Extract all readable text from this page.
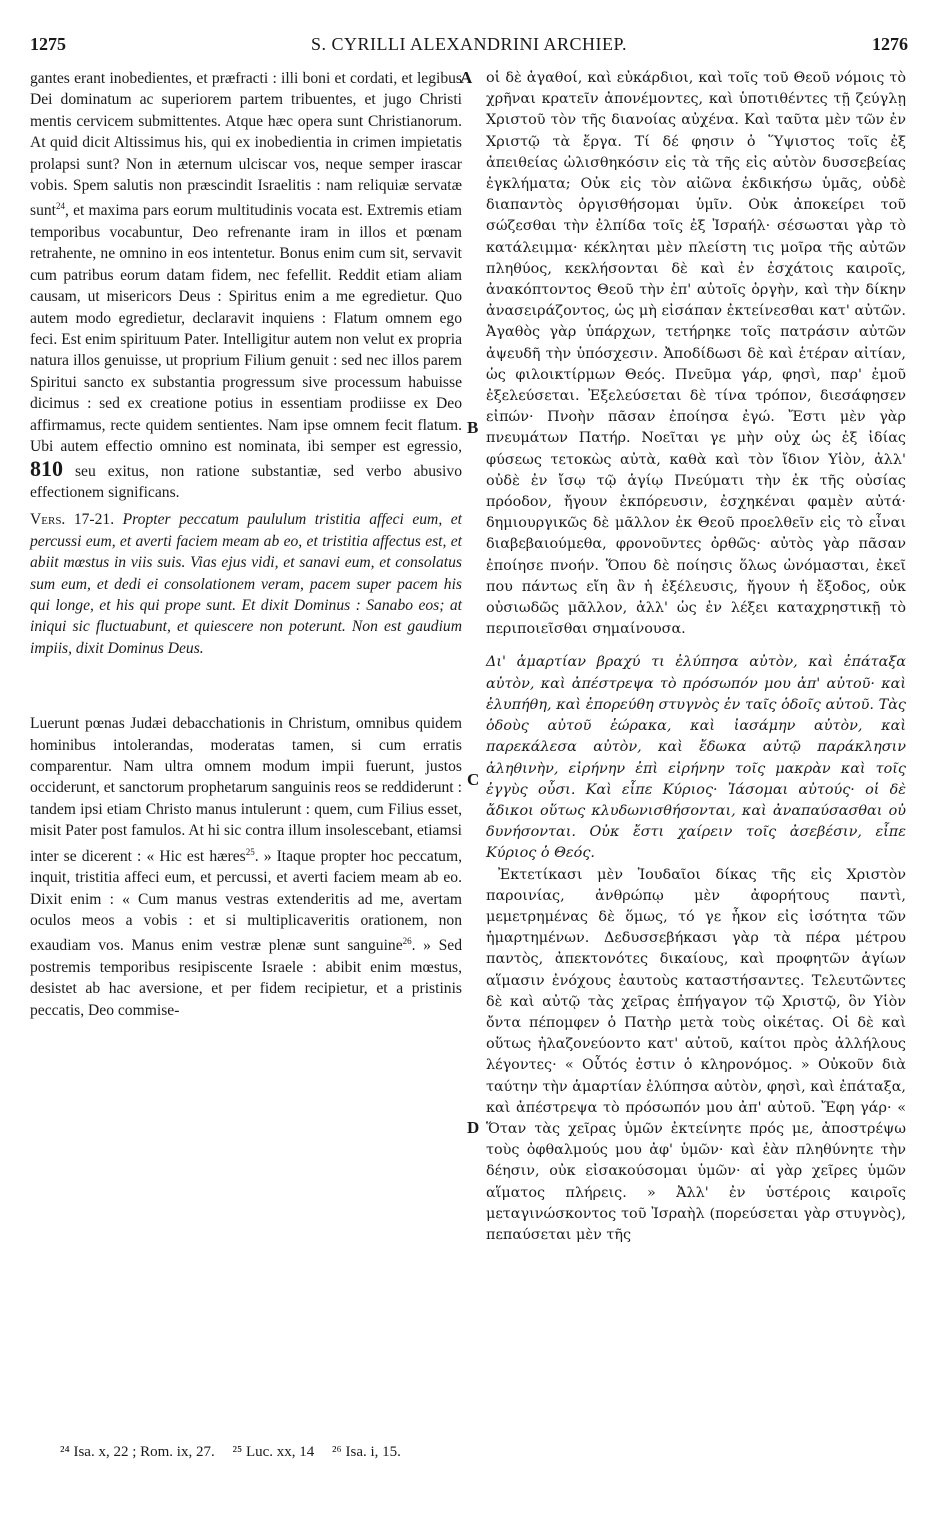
1275	S. CYRILLI ALEXANDRINI ARCHIEP.	1276
A
B
C
D

gantes erant inobedientes, et præfracti : illi boni et cordati, et legibus Dei dominatum ac superiorem partem tribuentes, et jugo Christi mentis cervicem submittentes. Atque hæc opera sunt Christianorum. At quid dicit Altissimus his, qui ex inobedientia in crimen impietatis prolapsi sunt? Non in æternum ulciscar vos, neque semper irascar vobis. Spem salutis non præscindit Israelitis : nam reliquiæ servatæ sunt$^{24}$, et maxima pars eorum multitudinis vocata est. Extremis etiam temporibus vocabuntur, Deo refrenante iram in illos et pœnam retrahente, ne omnino in eos intentetur. Bonus enim cum sit, servavit cum patribus eorum datam fidem, nec fefellit. Reddit etiam aliam causam, ut misericors Deus : Spiritus enim a me egredietur. Quo autem modo egredietur, declaravit inquiens : Flatum omnem ego feci. Est enim spirituum Pater. Intelligitur autem non velut ex propria natura illos genuisse, ut proprium Filium genuit : sed nec illos parem Spiritui sancto ex substantia progressum sive processum habuisse dicimus : sed ex creatione potius in essentiam prodiisse ex Deo affirmamus, recte quidem sentientes. Nam ipse omnem fecit flatum. Ubi autem effectio omnino est nominata, ibi semper est egressio, 810 seu exitus, non ratione substantiæ, sed verbo abusivo effectionem significans.

Vers. 17-21. Propter peccatum paululum tristitia affeci eum, et percussi eum, et averti faciem meam ab eo, et tristitia affectus est, et abiit mœstus in viis suis. Vias ejus vidi, et sanavi eum, et consolatus sum eum, et dedi ei consolationem veram, pacem super pacem his qui longe, et his qui prope sunt. Et dixit Dominus : Sanabo eos; at iniqui sic fluctuabunt, et quiescere non poterunt. Non est gaudium impiis, dixit Dominus Deus.

Luerunt pœnas Judæi debacchationis in Christum, omnibus quidem hominibus intolerandas, moderatas tamen, si cum erratis comparentur. Nam ultra omnem modum impii fuerunt, justos occiderunt, et sanctorum prophetarum sanguinis reos se reddiderunt : tandem ipsi etiam Christo manus intulerunt : quem, cum Filius esset, misit Pater post famulos. At hi sic contra illum insolescebant, etiamsi inter se dicerent : « Hic est hæres$^{25}$. » Itaque propter hoc peccatum, inquit, tristitia affeci eum, et percussi, et averti faciem meam ab eo. Dixit enim : « Cum manus vestras extenderitis ad me, avertam oculos meos a vobis : et si multiplicaveritis orationem, non exaudiam vos. Manus enim vestræ plenæ sunt sanguine$^{26}$. » Sed postremis temporibus resipiscente Israele : abibit enim mœstus, desistet ab hac aversione, et per fidem recipietur, et a pristinis peccatis, Deo commise-

οἱ δὲ ἀγαθοί, καὶ εὐκάρδιοι, καὶ τοῖς τοῦ Θεοῦ νόμοις τὸ χρῆναι κρατεῖν ἀπονέμοντες, καὶ ὑποτιθέντες τῇ ζεύγλῃ Χριστοῦ τὸν τῆς διανοίας αὐχένα. Καὶ ταῦτα μὲν τῶν ἐν Χριστῷ τὰ ἔργα. Τί δέ φησιν ὁ Ὕψιστος τοῖς ἐξ ἀπειθείας ὠλισθηκόσιν εἰς τὰ τῆς εἰς αὐτὸν δυσσεβείας ἐγκλήματα; Οὐκ εἰς τὸν αἰῶνα ἐκδικήσω ὑμᾶς, οὐδὲ διαπαντὸς ὀργισθήσομαι ὑμῖν. Οὐκ ἀποκείρει τοῦ σώζεσθαι τὴν ἐλπίδα τοῖς ἐξ Ἰσραήλ· σέσωσται γὰρ τὸ κατάλειμμα· κέκληται μὲν πλείστη τις μοῖρα τῆς αὐτῶν πληθύος, κεκλήσονται δὲ καὶ ἐν ἐσχάτοις καιροῖς, ἀνακόπτοντος Θεοῦ τὴν ἐπ' αὐτοῖς ὀργὴν, καὶ τὴν δίκην ἀνασειράζοντος, ὡς μὴ εἰσάπαν ἐκτείνεσθαι κατ' αὐτῶν. Ἀγαθὸς γὰρ ὑπάρχων, τετήρηκε τοῖς πατράσιν αὐτῶν ἀψευδῆ τὴν ὑπόσχεσιν. Ἀποδίδωσι δὲ καὶ ἑτέραν αἰτίαν, ὡς φιλοικτίρμων Θεός. Πνεῦμα γάρ, φησὶ, παρ' ἐμοῦ ἐξελεύσεται. Ἐξελεύσεται δὲ τίνα τρόπον, διεσάφησεν εἰπών· Πνοὴν πᾶσαν ἐποίησα ἐγώ. Ἔστι μὲν γὰρ πνευμάτων Πατήρ. Νοεῖται γε μὴν οὐχ ὡς ἐξ ἰδίας φύσεως τετοκὼς αὐτὰ, καθὰ καὶ τὸν ἴδιον Υἱὸν, ἀλλ' οὐδὲ ἐν ἴσῳ τῷ ἁγίῳ Πνεύματι τὴν ἐκ τῆς οὐσίας πρόοδον, ἤγουν ἐκπόρευσιν, ἐσχηκέναι φαμὲν αὐτά· δημιουργικῶς δὲ μᾶλλον ἐκ Θεοῦ προελθεῖν εἰς τὸ εἶναι διαβεβαιούμεθα, φρονοῦντες ὀρθῶς· αὐτὸς γὰρ πᾶσαν ἐποίησε πνοήν. Ὅπου δὲ ποίησις ὅλως ὠνόμασται, ἐκεῖ που πάντως εἴη ἂν ἡ ἐξέλευσις, ἤγουν ἡ ἔξοδος, οὐκ οὐσιωδῶς μᾶλλον, ἀλλ' ὡς ἐν λέξει καταχρηστικῇ τὸ περιποιεῖσθαι σημαίνουσα.

Δι' ἁμαρτίαν βραχύ τι ἐλύπησα αὐτὸν, καὶ ἐπάταξα αὐτὸν, καὶ ἀπέστρεψα τὸ πρόσωπόν μου ἀπ' αὐτοῦ· καὶ ἐλυπήθη, καὶ ἐπορεύθη στυγνὸς ἐν ταῖς ὁδοῖς αὐτοῦ. Τὰς ὁδοὺς αὐτοῦ ἑώρακα, καὶ ἰασάμην αὐτὸν, καὶ παρεκάλεσα αὐτὸν, καὶ ἔδωκα αὐτῷ παράκλησιν ἀληθινὴν, εἰρήνην ἐπὶ εἰρήνην τοῖς μακρὰν καὶ τοῖς ἐγγὺς οὖσι. Καὶ εἶπε Κύριος· Ἰάσομαι αὐτούς· οἱ δὲ ἄδικοι οὕτως κλυδωνισθήσονται, καὶ ἀναπαύσασθαι οὐ δυνήσονται. Οὐκ ἔστι χαίρειν τοῖς ἀσεβέσιν, εἶπε Κύριος ὁ Θεός.

Ἐκτετίκασι μὲν Ἰουδαῖοι δίκας τῆς εἰς Χριστὸν παροινίας, ἀνθρώπῳ μὲν ἀφορήτους παντὶ, μεμετρημένας δὲ ὅμως, τό γε ἧκον εἰς ἰσότητα τῶν ἡμαρτημένων. Δεδυσσεβήκασι γὰρ τὰ πέρα μέτρου παντὸς, ἀπεκτονότες δικαίους, καὶ προφητῶν ἁγίων αἵμασιν ἐνόχους ἑαυτοὺς καταστήσαντες. Τελευτῶντες δὲ καὶ αὐτῷ τὰς χεῖρας ἐπήγαγον τῷ Χριστῷ, ὃν Υἱὸν ὄντα πέπομφεν ὁ Πατὴρ μετὰ τοὺς οἰκέτας. Οἱ δὲ καὶ οὕτως ἠλαζονεύοντο κατ' αὐτοῦ, καίτοι πρὸς ἀλλήλους λέγοντες· « Οὗτός ἐστιν ὁ κληρονόμος. » Οὐκοῦν διὰ ταύτην τὴν ἁμαρτίαν ἐλύπησα αὐτὸν, φησὶ, καὶ ἐπάταξα, καὶ ἀπέστρεψα τὸ πρόσωπόν μου ἀπ' αὐτοῦ. Ἔφη γάρ· « Ὅταν τὰς χεῖρας ὑμῶν ἐκτείνητε πρός με, ἀποστρέψω τοὺς ὀφθαλμούς μου ἀφ' ὑμῶν· καὶ ἐὰν πληθύνητε τὴν δέησιν, οὐκ εἰσακούσομαι ὑμῶν· αἱ γὰρ χεῖρες ὑμῶν αἵματος πλήρεις. » Ἀλλ' ἐν ὑστέροις καιροῖς μεταγινώσκοντος τοῦ Ἰσραὴλ (πορεύσεται γὰρ στυγνὸς), πεπαύσεται μὲν τῆς

²⁴ Isa. x, 22 ; Rom. ix, 27. ²⁵ Luc. xx, 14 ²⁶ Isa. i, 15.
